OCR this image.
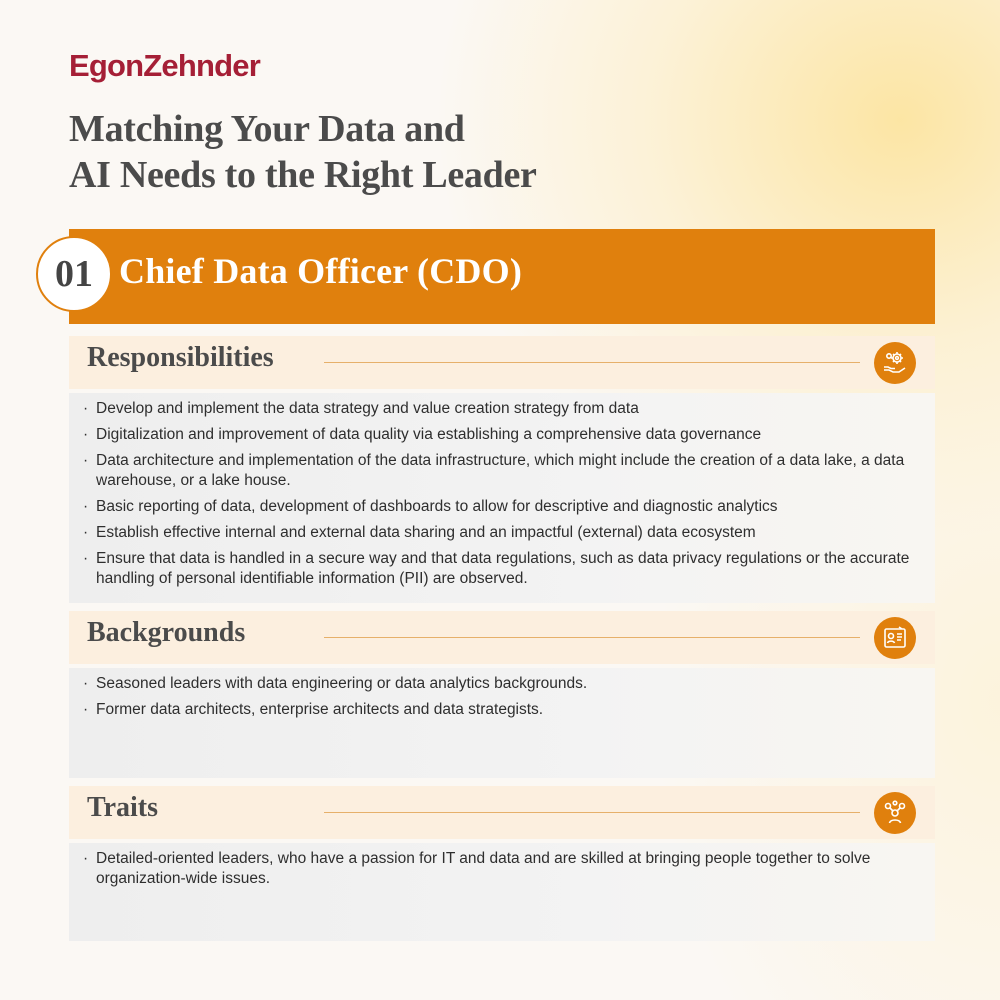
EgonZehnder
Matching Your Data and
AI Needs to the Right Leader
01 Chief Data Officer (CDO)
Responsibilities
· Develop and implement the data strategy and value creation strategy from data
· Digitalization and improvement of data quality via establishing a comprehensive data governance
· Data architecture and implementation of the data infrastructure, which might include the creation of a data lake, a data warehouse, or a lake house.
· Basic reporting of data, development of dashboards to allow for descriptive and diagnostic analytics
· Establish effective internal and external data sharing and an impactful (external) data ecosystem
· Ensure that data is handled in a secure way and that data regulations, such as data privacy regulations or the accurate handling of personal identifiable information (PII) are observed.
Backgrounds
· Seasoned leaders with data engineering or data analytics backgrounds.
· Former data architects, enterprise architects and data strategists.
Traits
· Detailed-oriented leaders, who have a passion for IT and data and are skilled at bringing people together to solve organization-wide issues.
